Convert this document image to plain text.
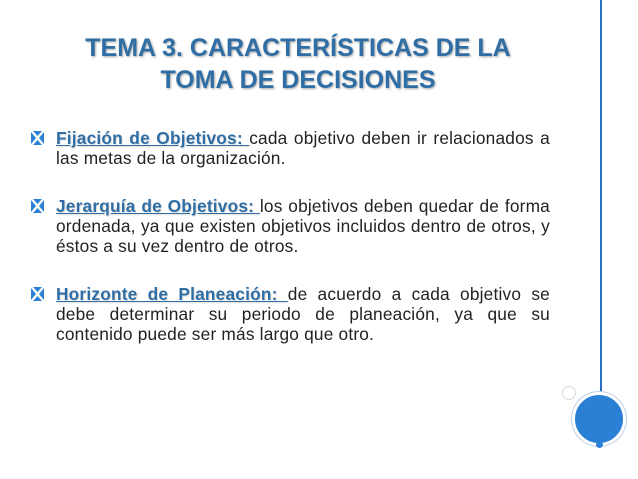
TEMA 3. CARACTERÍSTICAS DE LA TOMA DE DECISIONES
Fijación de Objetivos: cada objetivo deben ir relacionados a las metas de la organización.
Jerarquía de Objetivos: los objetivos deben quedar de forma ordenada, ya que existen objetivos incluidos dentro de otros, y éstos a su vez dentro de otros.
Horizonte de Planeación: de acuerdo a cada objetivo se debe determinar su periodo de planeación, ya que su contenido puede ser más largo que otro.
